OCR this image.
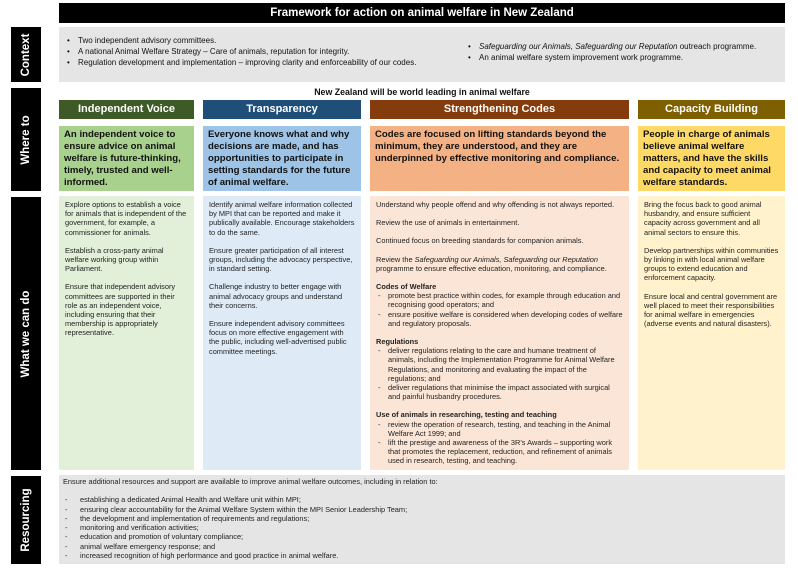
Framework for action on animal welfare in New Zealand
Context
Where to
What we can do
Resourcing
• Two independent advisory committees.
• A national Animal Welfare Strategy – Care of animals, reputation for integrity.
• Regulation development and implementation – improving clarity and enforceability of our codes.
• Safeguarding our Animals, Safeguarding our Reputation outreach programme.
• An animal welfare system improvement work programme.
New Zealand will be world leading in animal welfare
Independent Voice
An independent voice to ensure advice on animal welfare is future-thinking, timely, trusted and well-informed.

Explore options to establish a voice for animals that is independent of the government, for example, a commissioner for animals.

Establish a cross-party animal welfare working group within Parliament.

Ensure that independent advisory committees are supported in their role as an independent voice, including ensuring that their membership is appropriately representative.

Transparency
Everyone knows what and why decisions are made, and has opportunities to participate in setting standards for the future of animal welfare.

Identify animal welfare information collected by MPI that can be reported and make it publically available. Encourage stakeholders to do the same.

Ensure greater participation of all interest groups, including the advocacy perspective, in standard setting.

Challenge industry to better engage with animal advocacy groups and understand their concerns.

Ensure independent advisory committees focus on more effective engagement with the public, including well-advertised public committee meetings.

Strengthening Codes
Codes are focused on lifting standards beyond the minimum, they are understood, and they are underpinned by effective monitoring and compliance.

Understand why people offend and why offending is not always reported.

Review the use of animals in entertainment.

Continued focus on breeding standards for companion animals.

Review the Safeguarding our Animals, Safeguarding our Reputation programme to ensure effective education, monitoring, and compliance.

Codes of Welfare

- promote best practice within codes, for example through education and recognising good operators; and
- ensure positive welfare is considered when developing codes of welfare and regulatory proposals.

Regulations

- deliver regulations relating to the care and humane treatment of animals, including the Implementation Programme for Animal Welfare Regulations, and monitoring and evaluating the impact of the regulations; and
- deliver regulations that minimise the impact associated with surgical and painful husbandry procedures.

Use of animals in researching, testing and teaching

- review the operation of research, testing, and teaching in the Animal Welfare Act 1999; and
- lift the prestige and awareness of the 3R’s Awards – supporting work that promotes the replacement, reduction, and refinement of animals used in research, testing, and teaching.
Capacity Building
People in charge of animals believe animal welfare matters, and have the skills and capacity to meet animal welfare standards.

Bring the focus back to good animal husbandry, and ensure sufficient capacity across government and all animal sectors to ensure this.

Develop partnerships within communities by linking in with local animal welfare groups to extend education and enforcement capacity.

Ensure local and central government are well placed to meet their responsibilities for animal welfare in emergencies (adverse events and natural disasters).

Ensure additional resources and support are available to improve animal welfare outcomes, including in relation to:

- establishing a dedicated Animal Health and Welfare unit within MPI;
- ensuring clear accountability for the Animal Welfare System within the MPI Senior Leadership Team;
- the development and implementation of requirements and regulations;
- monitoring and verification activities;
- education and promotion of voluntary compliance;
- animal welfare emergency response; and
- increased recognition of high performance and good practice in animal welfare.
